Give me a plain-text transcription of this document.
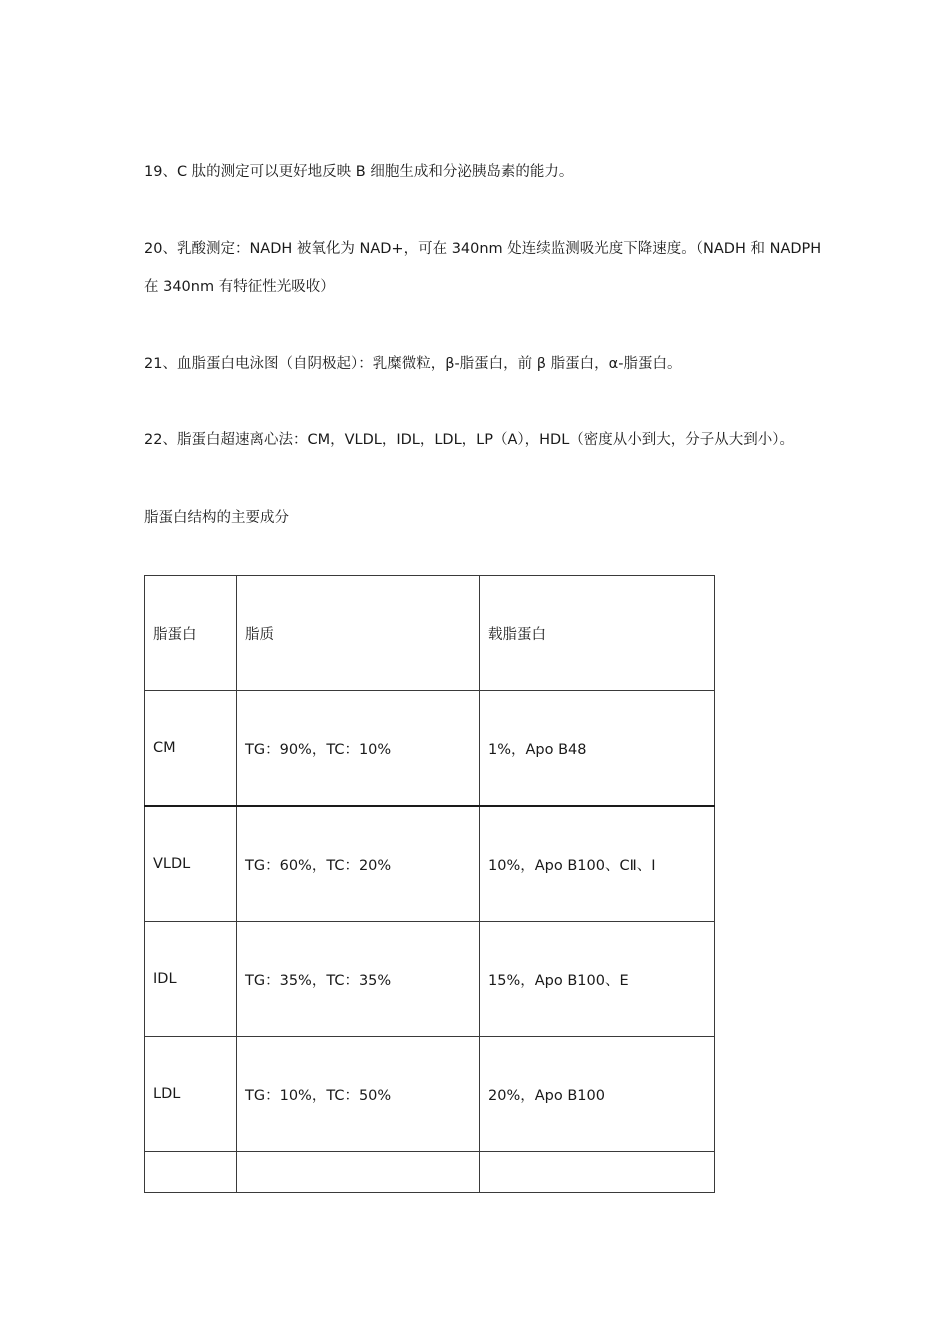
19、C 肽的测定可以更好地反映 B 细胞生成和分泌胰岛素的能力。
20、乳酸测定：NADH 被氧化为 NAD+，可在 340nm 处连续监测吸光度下降速度。（NADH 和 NADPH
在 340nm 有特征性光吸收）
21、血脂蛋白电泳图（自阴极起）：乳糜微粒，β-脂蛋白，前 β 脂蛋白，α-脂蛋白。
22、脂蛋白超速离心法：CM，VLDL，IDL，LDL，LP（A），HDL（密度从小到大，分子从大到小）。
脂蛋白结构的主要成分
脂蛋白	脂质	载脂蛋白
CM	TG：90%，TC：10%	1%，Apo B48
VLDL	TG：60%，TC：20%	10%，Apo B100、CⅡ、Ⅰ
IDL	TG：35%，TC：35%	15%，Apo B100、E
LDL	TG：10%，TC：50%	20%，Apo B100
